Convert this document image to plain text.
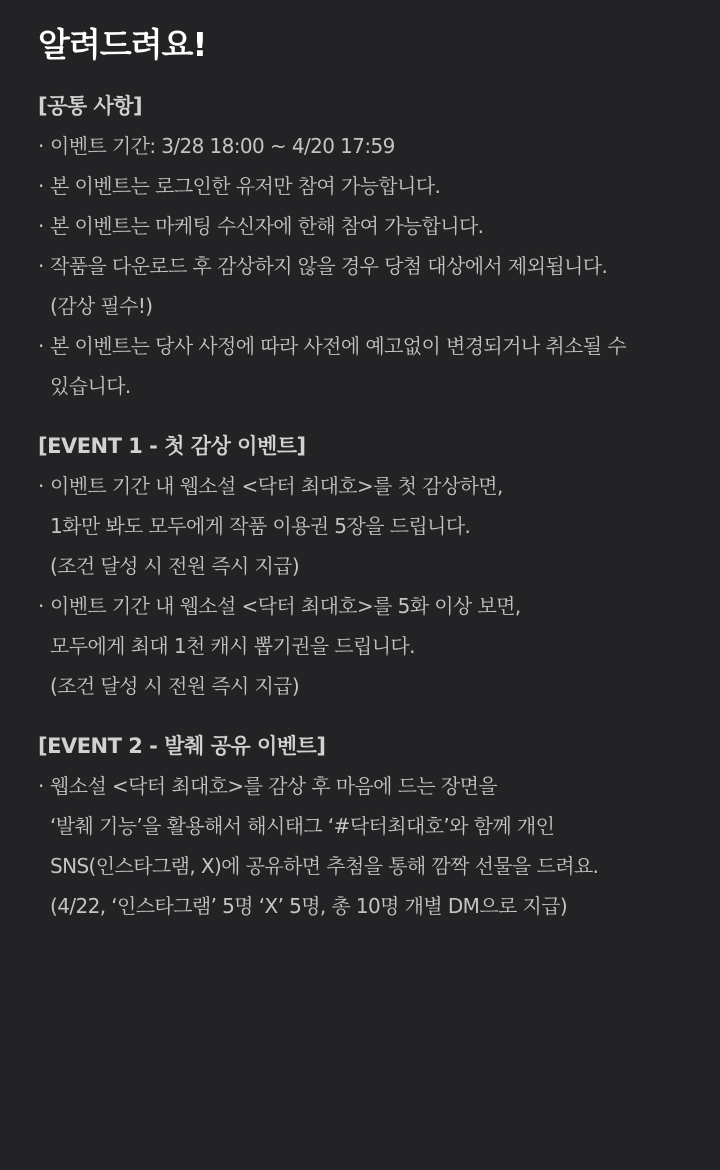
알려드려요!
[공통 사항]
· 이벤트 기간: 3/28 18:00 ~ 4/20 17:59
· 본 이벤트는 로그인한 유저만 참여 가능합니다.
· 본 이벤트는 마케팅 수신자에 한해 참여 가능합니다.
· 작품을 다운로드 후 감상하지 않을 경우 당첨 대상에서 제외됩니다.
(감상 필수!)
· 본 이벤트는 당사 사정에 따라 사전에 예고없이 변경되거나 취소될 수
있습니다.
[EVENT 1 - 첫 감상 이벤트]
· 이벤트 기간 내 웹소설 <닥터 최대호>를 첫 감상하면,
1화만 봐도 모두에게 작품 이용권 5장을 드립니다.
(조건 달성 시 전원 즉시 지급)
· 이벤트 기간 내 웹소설 <닥터 최대호>를 5화 이상 보면,
모두에게 최대 1천 캐시 뽑기권을 드립니다.
(조건 달성 시 전원 즉시 지급)
[EVENT 2 - 발췌 공유 이벤트]
· 웹소설 <닥터 최대호>를 감상 후 마음에 드는 장면을
‘발췌 기능’을 활용해서 해시태그 ‘#닥터최대호’와 함께 개인
SNS(인스타그램, X)에 공유하면 추첨을 통해 깜짝 선물을 드려요.
(4/22, ‘인스타그램’ 5명 ‘X’ 5명, 총 10명 개별 DM으로 지급)
